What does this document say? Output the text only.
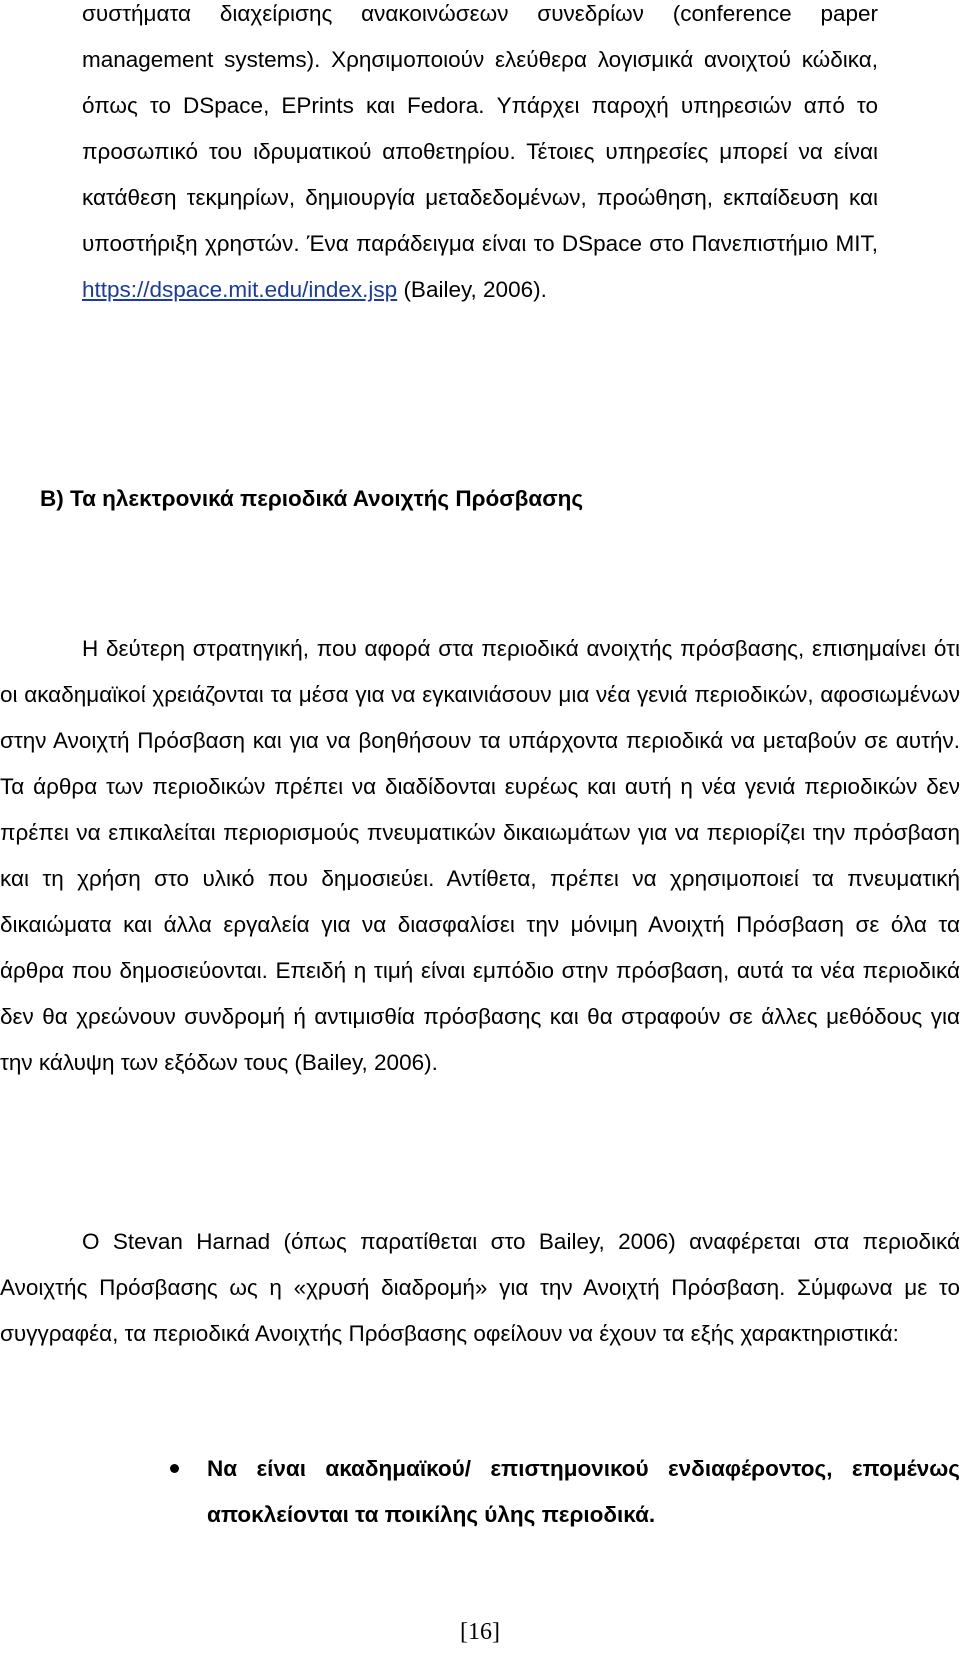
συστήματα διαχείρισης ανακοινώσεων συνεδρίων (conference paper management systems). Χρησιμοποιούν ελεύθερα λογισμικά ανοιχτού κώδικα, όπως το DSpace, EPrints και Fedora. Υπάρχει παροχή υπηρεσιών από το προσωπικό του ιδρυματικού αποθετηρίου. Τέτοιες υπηρεσίες μπορεί να είναι κατάθεση τεκμηρίων, δημιουργία μεταδεδομένων, προώθηση, εκπαίδευση και υποστήριξη χρηστών. Ένα παράδειγμα είναι το DSpace στο Πανεπιστήμιο MIT, https://dspace.mit.edu/index.jsp (Bailey, 2006).

B) Τα ηλεκτρονικά περιοδικά Ανοιχτής Πρόσβασης

Η δεύτερη στρατηγική, που αφορά στα περιοδικά ανοιχτής πρόσβασης, επισημαίνει ότι οι ακαδημαϊκοί χρειάζονται τα μέσα για να εγκαινιάσουν μια νέα γενιά περιοδικών, αφοσιωμένων στην Ανοιχτή Πρόσβαση και για να βοηθήσουν τα υπάρχοντα περιοδικά να μεταβούν σε αυτήν. Τα άρθρα των περιοδικών πρέπει να διαδίδονται ευρέως και αυτή η νέα γενιά περιοδικών δεν πρέπει να επικαλείται περιορισμούς πνευματικών δικαιωμάτων για να περιορίζει την πρόσβαση και τη χρήση στο υλικό που δημοσιεύει. Αντίθετα, πρέπει να χρησιμοποιεί τα πνευματική δικαιώματα και άλλα εργαλεία για να διασφαλίσει την μόνιμη Ανοιχτή Πρόσβαση σε όλα τα άρθρα που δημοσιεύονται. Επειδή η τιμή είναι εμπόδιο στην πρόσβαση, αυτά τα νέα περιοδικά δεν θα χρεώνουν συνδρομή ή αντιμισθία πρόσβασης και θα στραφούν σε άλλες μεθόδους για την κάλυψη των εξόδων τους (Bailey, 2006).

O Stevan Harnad (όπως παρατίθεται στο Bailey, 2006) αναφέρεται στα περιοδικά Ανοιχτής Πρόσβασης ως η «χρυσή διαδρομή» για την Ανοιχτή Πρόσβαση. Σύμφωνα με το συγγραφέα, τα περιοδικά Ανοιχτής Πρόσβασης οφείλουν να έχουν τα εξής χαρακτηριστικά:

Να είναι ακαδημαϊκού/ επιστημονικού ενδιαφέροντος, επομένως αποκλείονται τα ποικίλης ύλης περιοδικά.
[16]
